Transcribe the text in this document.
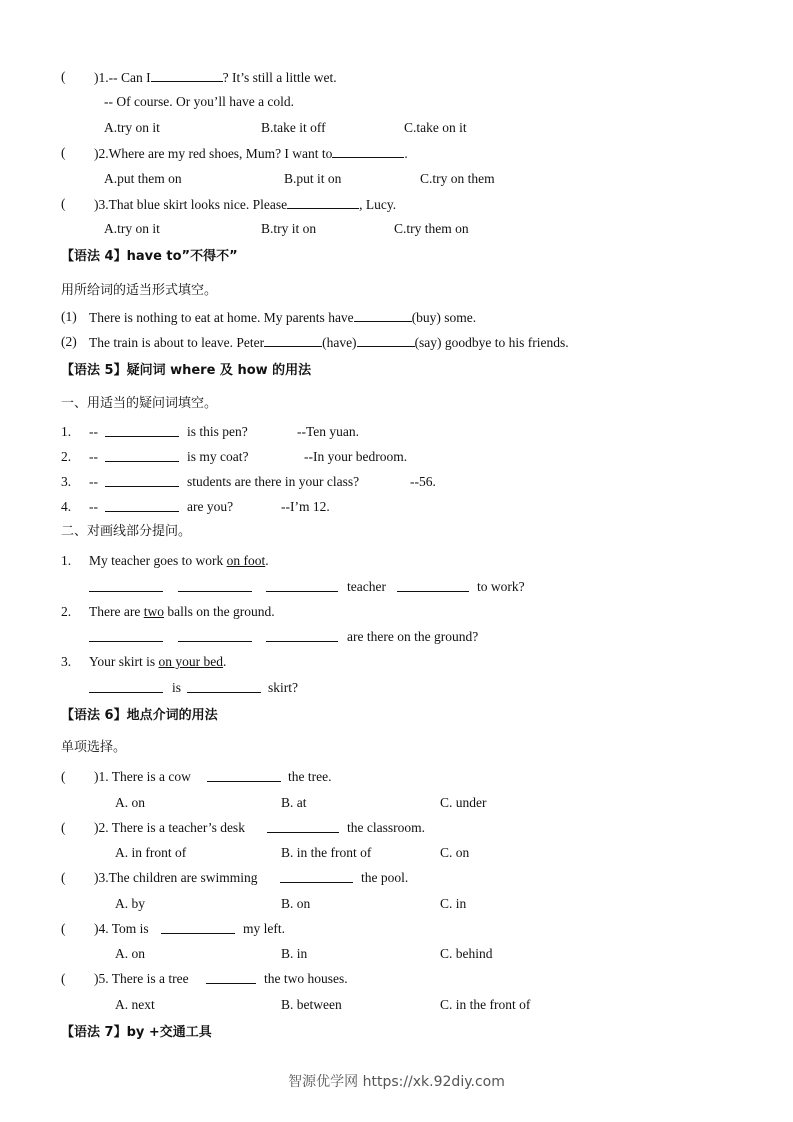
( )1.-- Can I	? It’s still a little wet.
-- Of course. Or you’ll have a cold.
A.try on it	B.take it off	C.take on it
( )2.Where are my red shoes, Mum? I want to	.
A.put them on	B.put it on	C.try on them
( )3.That blue skirt looks nice. Please	, Lucy.
A.try on it	B.try it on	C.try them on
【语法 4】have to”不得不”
用所给词的适当形式填空。
(1) There is nothing to eat at home. My parents have	(buy) some.
(2) The train is about to leave. Peter	(have)	(say) goodbye to his friends.
【语法 5】疑问词 where 及 how 的用法
一、用适当的疑问词填空。
1. --	is this pen?	--Ten yuan.
2. --	is my coat?	--In your bedroom.
3. --	students are there in your class?	--56.
4. --	are you?	--I’m 12.
二、对画线部分提问。
1. My teacher goes to work on foot.
teacher	to work?
2. There are two balls on the ground.
are there on the ground?
3. Your skirt is on your bed.
is	skirt?
【语法 6】地点介词的用法
单项选择。
( )1. There is a cow	the tree.
A. on	B. at	C. under
( )2. There is a teacher’s desk	the classroom.
A. in front of	B. in the front of	C. on
( )3.The children are swimming	the pool.
A. by	B. on	C. in
( )4. Tom is	my left.
A. on	B. in	C. behind
( )5. There is a tree	the two houses.
A. next	B. between	C. in the front of
【语法 7】by +交通工具
智源优学网 https://xk.92diy.com
